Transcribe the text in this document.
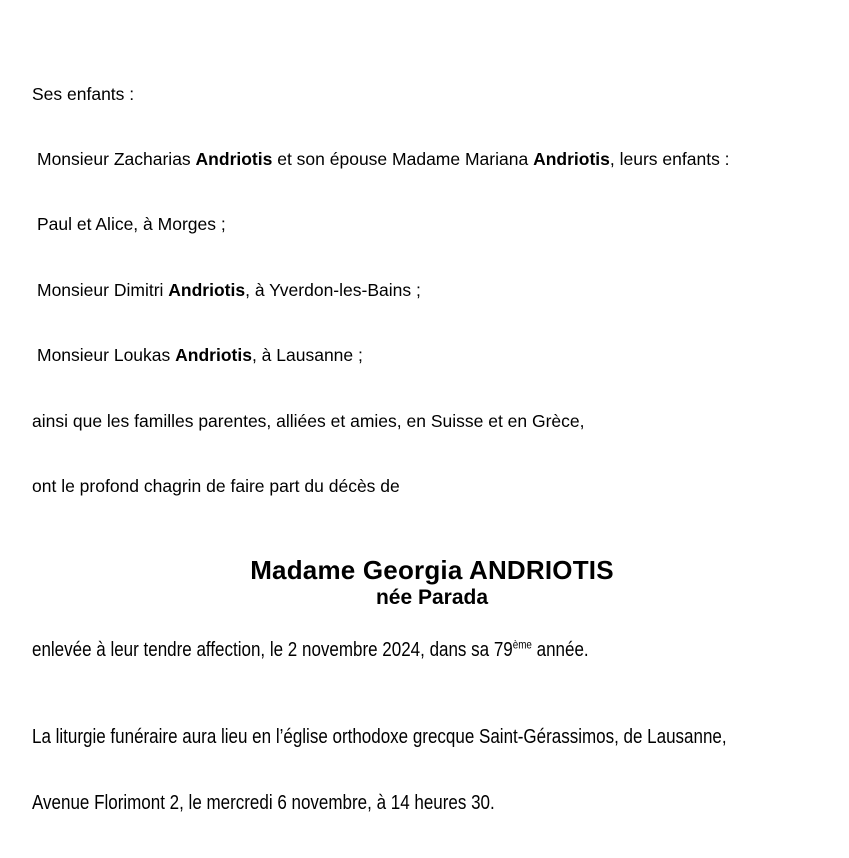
Ses enfants :

Monsieur Zacharias Andriotis et son épouse Madame Mariana Andriotis, leurs enfants :

Paul et Alice, à Morges ;

Monsieur Dimitri Andriotis, à Yverdon-les-Bains ;

Monsieur Loukas Andriotis, à Lausanne ;

ainsi que les familles parentes, alliées et amies, en Suisse et en Grèce,

ont le profond chagrin de faire part du décès de

Madame Georgia ANDRIOTIS
née Parada
enlevée à leur tendre affection, le 2 novembre 2024, dans sa 79ème année.

La liturgie funéraire aura lieu en l’église orthodoxe grecque Saint-Gérassimos, de Lausanne,

Avenue Florimont 2, le mercredi 6 novembre, à 14 heures 30.
